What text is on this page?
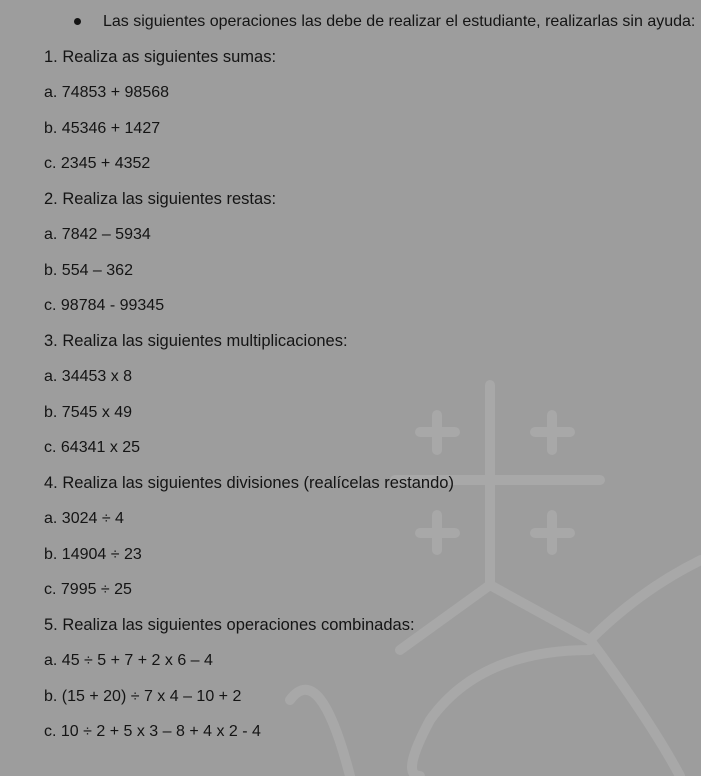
Las siguientes operaciones las debe de realizar el estudiante, realizarlas sin ayuda:
1. Realiza as siguientes sumas:
a. 74853 + 98568
b. 45346 + 1427
c. 2345 + 4352
2. Realiza las siguientes restas:
a. 7842 – 5934
b. 554 – 362
c. 98784 - 99345
3. Realiza las siguientes multiplicaciones:
a. 34453 x 8
b. 7545 x 49
c. 64341 x 25
4. Realiza las siguientes divisiones (realícelas restando)
a. 3024 ÷ 4
b. 14904 ÷ 23
c. 7995 ÷ 25
5. Realiza las siguientes operaciones combinadas:
a. 45 ÷ 5 + 7 + 2 x 6 – 4
b. (15 + 20) ÷ 7 x 4 – 10 + 2
c. 10 ÷ 2 + 5 x 3 – 8 + 4 x 2 - 4
